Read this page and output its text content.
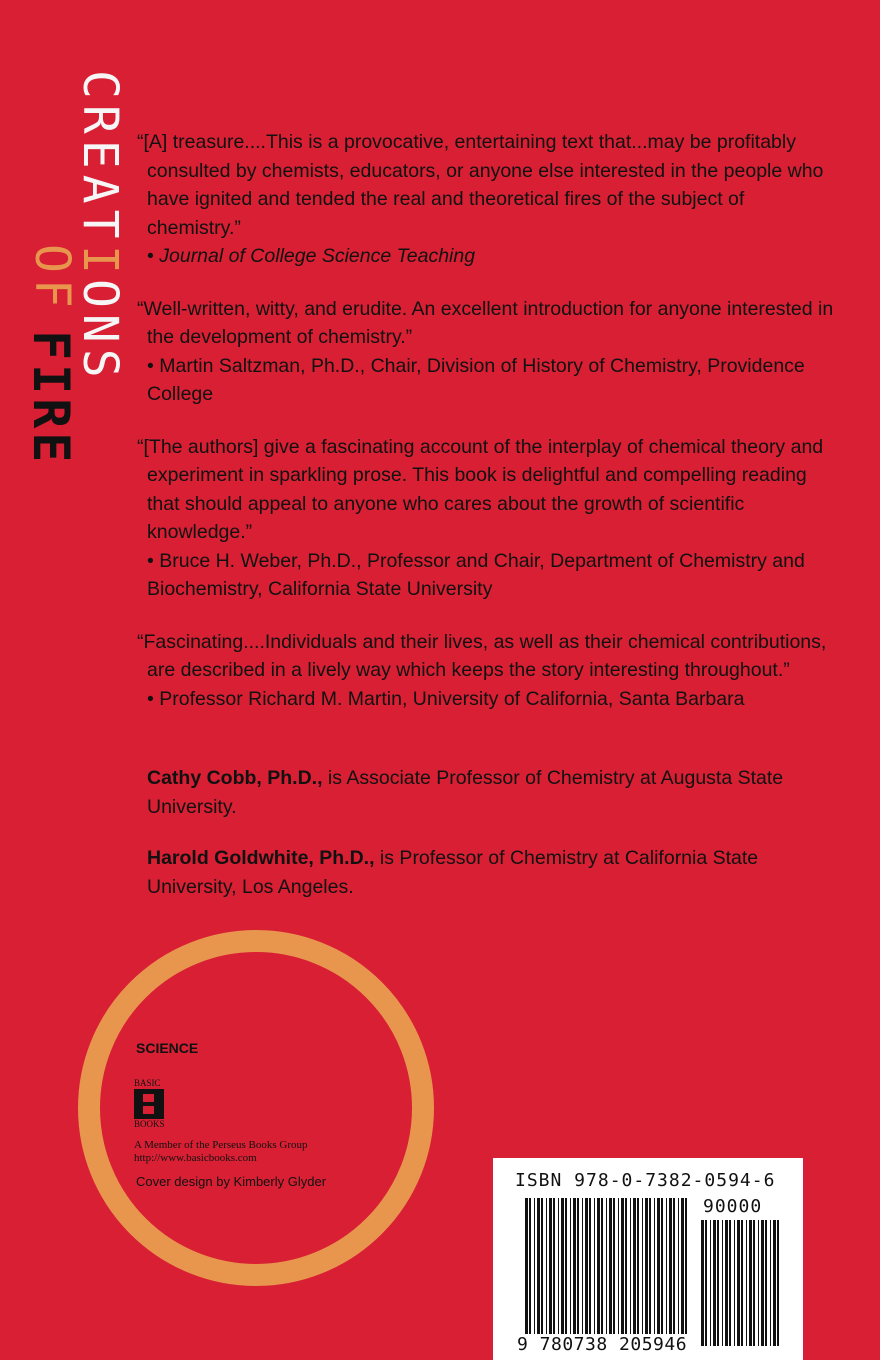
CREATIONS
OF
FIRE
“[A] treasure....This is a provocative, entertaining text that...may be profitably consulted by chemists, educators, or anyone else interested in the people who have ignited and tended the real and theoretical fires of the subject of chemistry.”
• Journal of College Science Teaching
“Well-written, witty, and erudite. An excellent introduction for anyone interested in the development of chemistry.”
• Martin Saltzman, Ph.D., Chair, Division of History of Chemistry, Providence College
“[The authors] give a fascinating account of the interplay of chemical theory and experiment in sparkling prose. This book is delightful and compelling reading that should appeal to anyone who cares about the growth of scientific knowledge.”
• Bruce H. Weber, Ph.D., Professor and Chair, Department of Chemistry and Biochemistry, California State University
“Fascinating....Individuals and their lives, as well as their chemical contributions, are described in a lively way which keeps the story interesting throughout.”
• Professor Richard M. Martin, University of California, Santa Barbara
Cathy Cobb, Ph.D., is Associate Professor of Chemistry at Augusta State University.
Harold Goldwhite, Ph.D., is Professor of Chemistry at California State University, Los Angeles.
SCIENCE
BASIC
BOOKS
A Member of the Perseus Books Group
http://www.basicbooks.com
Cover design by Kimberly Glyder	ISBN 978-0-7382-0594-6
90000
9 780738 205946
